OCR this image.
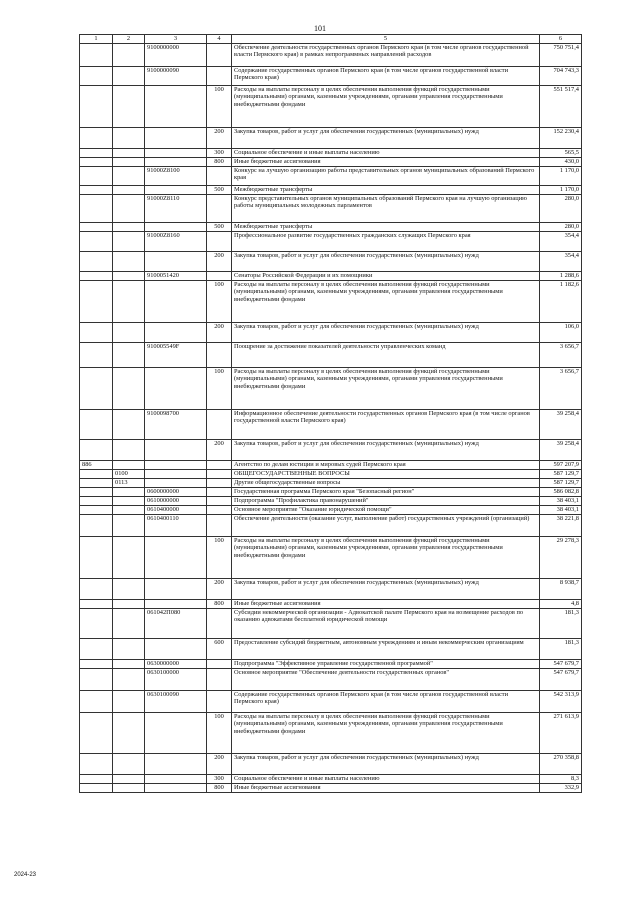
101
1	2	3	4	5	6
		9100000000		Обеспечение деятельности государственных органов Пермского края (в том числе органов государственной власти Пермского края) в рамках непрограммных направлений расходов	750 751,4
		9100000090		Содержание государственных органов Пермского края (в том числе органов государственной власти Пермского края)	704 743,3
			100	Расходы на выплаты персоналу в целях обеспечения выполнения функций государственными (муниципальными) органами, казенными учреждениями, органами управления государственными внебюджетными фондами	551 517,4
			200	Закупка товаров, работ и услуг для обеспечения государственных (муниципальных) нужд	152 230,4
			300	Социальное обеспечение и иные выплаты населению	565,5
			800	Иные бюджетные ассигнования	430,0
		91000Z8100		Конкурс на лучшую организацию работы представительных органов муниципальных образований Пермского края	1 170,0
			500	Межбюджетные трансферты	1 170,0
		91000Z8110		Конкурс представительных органов муниципальных образований Пермского края на лучшую организацию работы муниципальных молодежных парламентов	280,0
			500	Межбюджетные трансферты	280,0
		91000Z8160		Профессиональное развитие государственных гражданских служащих Пермского края	354,4
			200	Закупка товаров, работ и услуг для обеспечения государственных (муниципальных) нужд	354,4
		9100051420		Сенаторы Российской Федерации и их помощники	1 288,6
			100	Расходы на выплаты персоналу в целях обеспечения выполнения функций государственными (муниципальными) органами, казенными учреждениями, органами управления государственными внебюджетными фондами	1 182,6
			200	Закупка товаров, работ и услуг для обеспечения государственных (муниципальных) нужд	106,0
		910005549F		Поощрение за достижение показателей деятельности управленческих команд	3 656,7
			100	Расходы на выплаты персоналу в целях обеспечения выполнения функций государственными (муниципальными) органами, казенными учреждениями, органами управления государственными внебюджетными фондами	3 656,7
		9100098700		Информационное обеспечение деятельности государственных органов Пермского края (в том числе органов государственной власти Пермского края)	39 258,4
			200	Закупка товаров, работ и услуг для обеспечения государственных (муниципальных) нужд	39 258,4
886				Агентство по делам юстиции и мировых судей Пермского края	597 207,9
	0100			ОБЩЕГОСУДАРСТВЕННЫЕ ВОПРОСЫ	587 129,7
	0113			Другие общегосударственные вопросы	587 129,7
		0600000000		Государственная программа Пермского края "Безопасный регион"	586 082,8
		0610000000		Подпрограмма "Профилактика правонарушений"	38 403,1
		0610400000		Основное мероприятие "Оказание юридической помощи"	38 403,1
		0610400110		Обеспечение деятельности (оказание услуг, выполнение работ) государственных учреждений (организаций)	38 221,8
			100	Расходы на выплаты персоналу в целях обеспечения выполнения функций государственными (муниципальными) органами, казенными учреждениями, органами управления государственными внебюджетными фондами	29 278,3
			200	Закупка товаров, работ и услуг для обеспечения государственных (муниципальных) нужд	8 938,7
			800	Иные бюджетные ассигнования	4,8
		061042П080		Субсидии некоммерческой организации - Адвокатской палате Пермского края на возмещение расходов по оказанию адвокатами бесплатной юридической помощи	181,3
			600	Предоставление субсидий бюджетным, автономным учреждениям и иным некоммерческим организациям	181,3
		0630000000		Подпрограмма "Эффективное управление государственной программой"	547 679,7
		0630100000		Основное мероприятие "Обеспечение деятельности государственных органов"	547 679,7
		0630100090		Содержание государственных органов Пермского края (в том числе органов государственной власти Пермского края)	542 313,9
			100	Расходы на выплаты персоналу в целях обеспечения выполнения функций государственными (муниципальными) органами, казенными учреждениями, органами управления государственными внебюджетными фондами	271 613,9
			200	Закупка товаров, работ и услуг для обеспечения государственных (муниципальных) нужд	270 358,8
			300	Социальное обеспечение и иные выплаты населению	8,3
			800	Иные бюджетные ассигнования	332,9
2024-23
